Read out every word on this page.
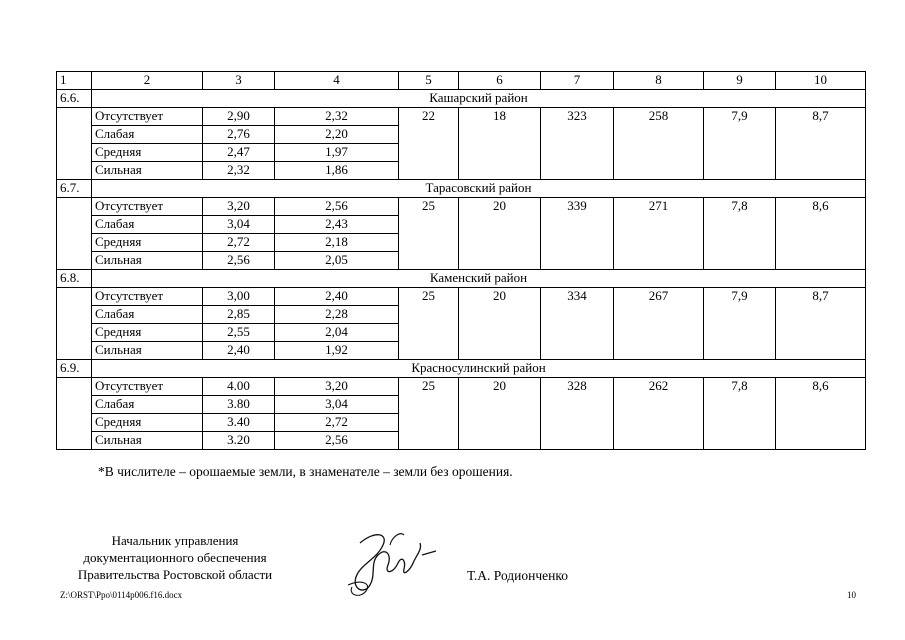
1	2	3	4	5	6	7	8	9	10
6.6.	Кашарский район								
	Отсутствует	2,90	2,32	22	18	323	258	7,9	8,7
	Слабая	2,76	2,20						
	Средняя	2,47	1,97						
	Сильная	2,32	1,86						
6.7.	Тарасовский район								
	Отсутствует	3,20	2,56	25	20	339	271	7,8	8,6
	Слабая	3,04	2,43						
	Средняя	2,72	2,18						
	Сильная	2,56	2,05						
6.8.	Каменский район								
	Отсутствует	3,00	2,40	25	20	334	267	7,9	8,7
	Слабая	2,85	2,28						
	Средняя	2,55	2,04						
	Сильная	2,40	1,92						
6.9.	Красносулинский район								
	Отсутствует	4.00	3,20	25	20	328	262	7,8	8,6
	Слабая	3.80	3,04						
	Средняя	3.40	2,72						
	Сильная	3.20	2,56						
*В числителе – орошаемые земли, в знаменателе – земли без орошения.
Начальник управления
документационного обеспечения
Правительства Ростовской области	Т.А. Родионченко
Z:\ORST\Ppo\0114p006.f16.docx	10
